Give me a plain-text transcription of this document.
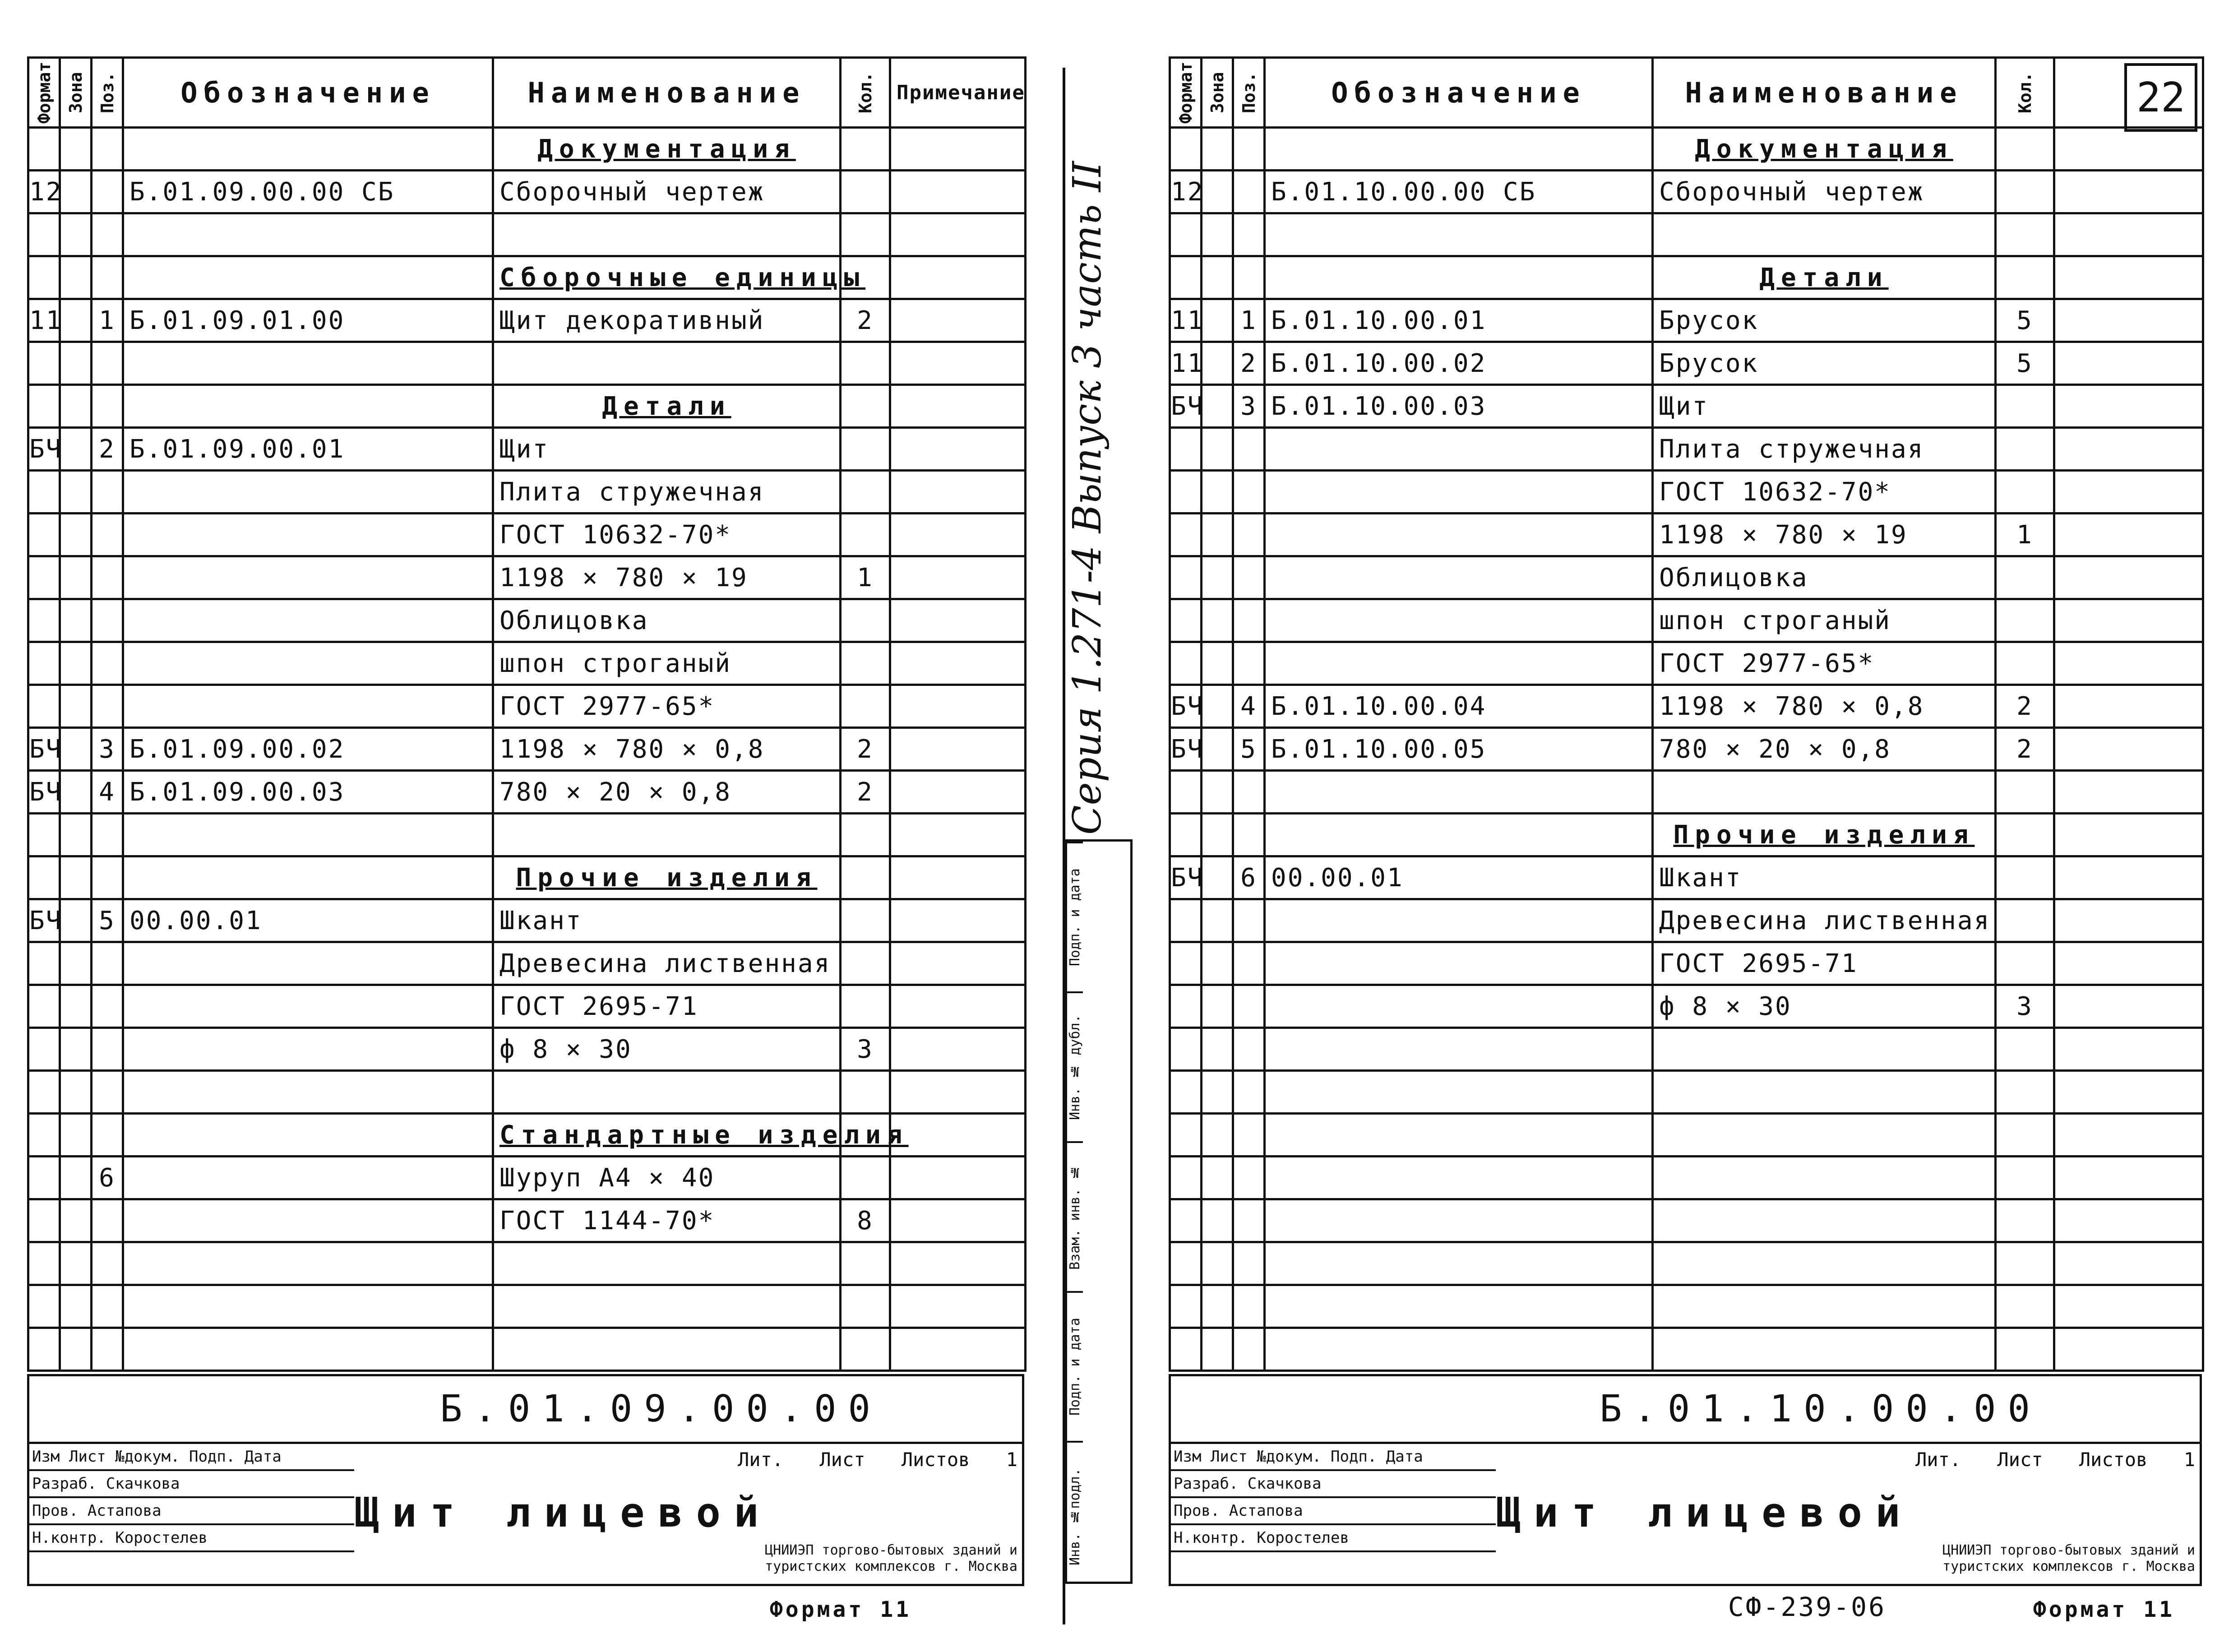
Формат	Зона	Поз.	Обозначение	Наименование	Кол.	Примечание
				Документация		
12			Б.01.09.00.00 СБ	Сборочный чертеж		

				Сборочные единицы		
11		1	Б.01.09.01.00	Щит декоративный	2	

				Детали		
БЧ		2	Б.01.09.00.01	Щит		
				Плита стружечная		
				ГОСТ 10632-70*		
				1198 × 780 × 19	1	
				Облицовка		
				шпон строганый		
				ГОСТ 2977-65*		
БЧ		3	Б.01.09.00.02	1198 × 780 × 0,8	2	
БЧ		4	Б.01.09.00.03	780 × 20 × 0,8	2	

				Прочие изделия		
БЧ		5	00.00.01	Шкант		
				Древесина лиственная		
				ГОСТ 2695-71		
				ф 8 × 30	3	

				Стандартные изделия		
		6		Шуруп А4 × 40		
				ГОСТ 1144-70*	8	

Б.01.09.00.00
Изм Лист №докум. Подп. Дата
Разраб. Скачкова
Пров. Астапова
Н.контр. Коростелев
Щит лицевой
Лит. Лист Листов 1
ЦНИИЭП торгово-бытовых зданий и туристских комплексов г. Москва
Формат 11
Серия 1.271-4 Выпуск 3 часть II
Подп. и дата
Инв. № дубл.
Взам. инв. №
Подп. и дата
Инв. №подл.
Формат	Зона	Поз.	Обозначение	Наименование	Кол.	
				Документация		
12			Б.01.10.00.00 СБ	Сборочный чертеж		

				Детали		
11		1	Б.01.10.00.01	Брусок	5	
11		2	Б.01.10.00.02	Брусок	5	
БЧ		3	Б.01.10.00.03	Щит		
				Плита стружечная		
				ГОСТ 10632-70*		
				1198 × 780 × 19	1	
				Облицовка		
				шпон строганый		
				ГОСТ 2977-65*		
БЧ		4	Б.01.10.00.04	1198 × 780 × 0,8	2	
БЧ		5	Б.01.10.00.05	780 × 20 × 0,8	2	

				Прочие изделия		
БЧ		6	00.00.01	Шкант		
				Древесина лиственная		
				ГОСТ 2695-71		
				ф 8 × 30	3	

Б.01.10.00.00
Изм Лист №докум. Подп. Дата
Разраб. Скачкова
Пров. Астапова
Н.контр. Коростелев
Щит лицевой
Лит. Лист Листов 1
ЦНИИЭП торгово-бытовых зданий и туристских комплексов г. Москва
СФ-239-06	Формат 11
22
